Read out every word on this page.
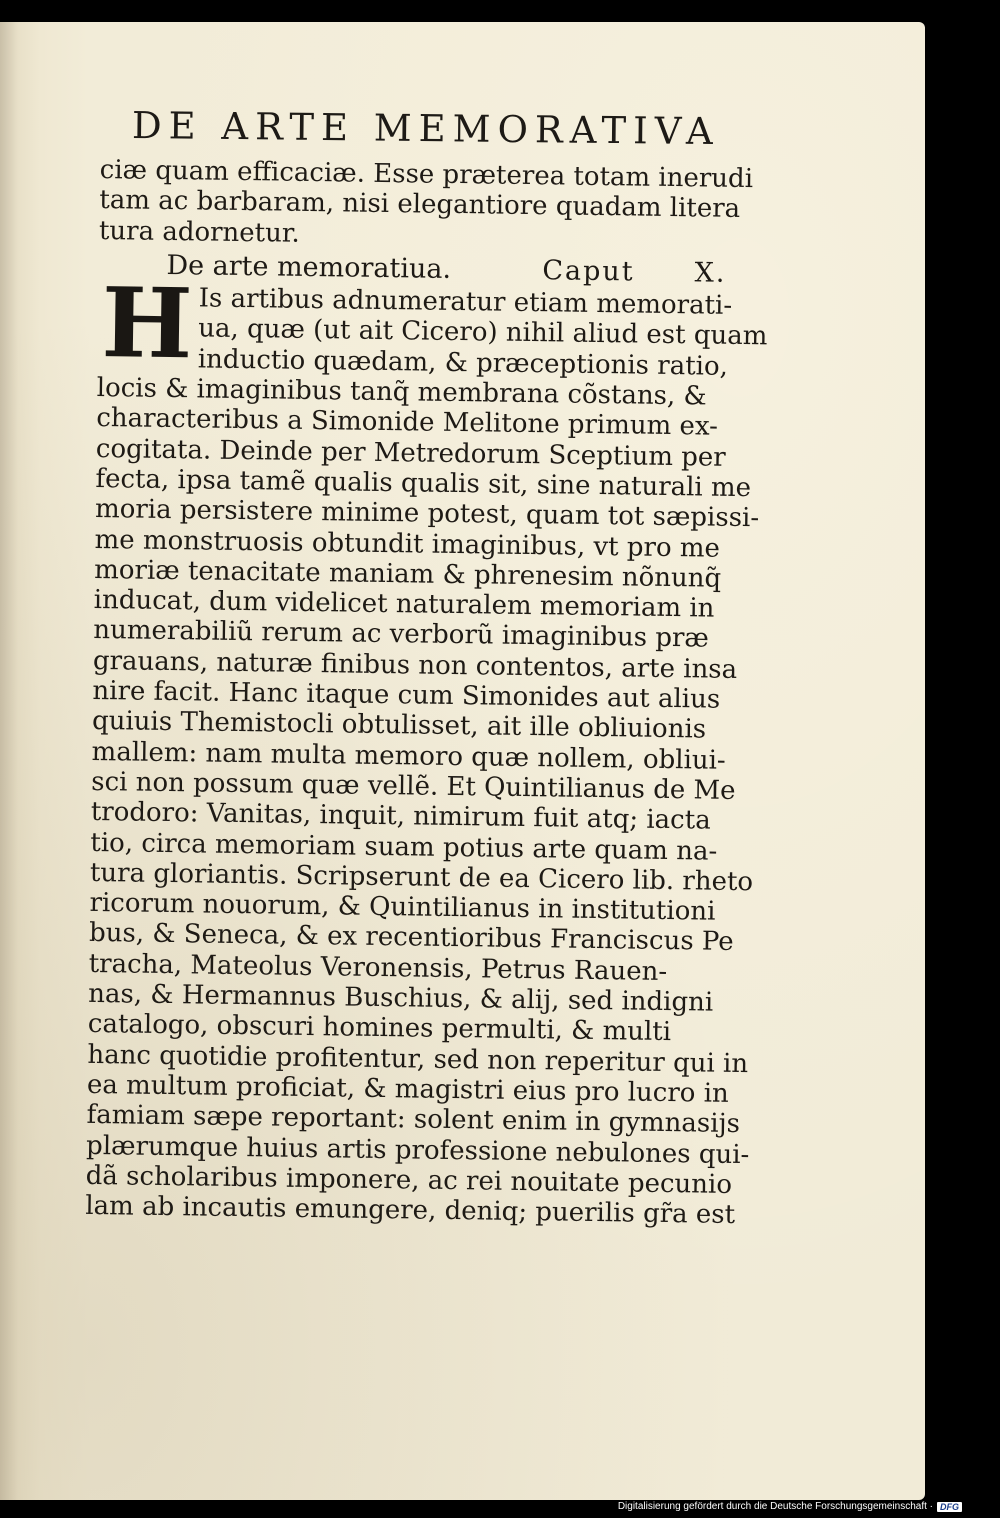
DE ARTE MEMORATIVA
ciæ quam efficaciæ. Esse præterea totam inerudi
tam ac barbaram, nisi elegantiore quadam litera
tura adornetur.
De arte memoratiua.	Caput X.
H Is artibus adnumeratur etiam memorati-
ua, quæ (ut ait Cicero) nihil aliud est quam
inductio quædam, & præceptionis ratio,
locis & imaginibus tanq̃ membrana cõstans, &
characteribus a Simonide Melitone primum ex-
cogitata. Deinde per Metredorum Sceptium per
fecta, ipsa tamẽ qualis qualis sit, sine naturali me
moria persistere minime potest, quam tot sæpissi-
me monstruosis obtundit imaginibus, vt pro me
moriæ tenacitate maniam & phrenesim nõnunq̃
inducat, dum videlicet naturalem memoriam in
numerabiliũ rerum ac verborũ imaginibus præ
grauans, naturæ finibus non contentos, arte insa
nire facit. Hanc itaque cum Simonides aut alius
quiuis Themistocli obtulisset, ait ille obliuionis
mallem: nam multa memoro quæ nollem, obliui-
sci non possum quæ vellẽ. Et Quintilianus de Me
trodoro: Vanitas, inquit, nimirum fuit atq; iacta
tio, circa memoriam suam potius arte quam na-
tura gloriantis. Scripserunt de ea Cicero lib. rheto
ricorum nouorum, & Quintilianus in institutioni
bus, & Seneca, & ex recentioribus Franciscus Pe
tracha, Mateolus Veronensis, Petrus Rauen-
nas, & Hermannus Buschius, & alij, sed indigni
catalogo, obscuri homines permulti, & multi
hanc quotidie profitentur, sed non reperitur qui in
ea multum proficiat, & magistri eius pro lucro in
famiam sæpe reportant: solent enim in gymnasijs
plærumque huius artis professione nebulones qui-
dã scholaribus imponere, ac rei nouitate pecunio
lam ab incautis emungere, deniq; puerilis gr̃a est
Digitalisierung gefördert durch die Deutsche Forschungsgemeinschaft · DFG
